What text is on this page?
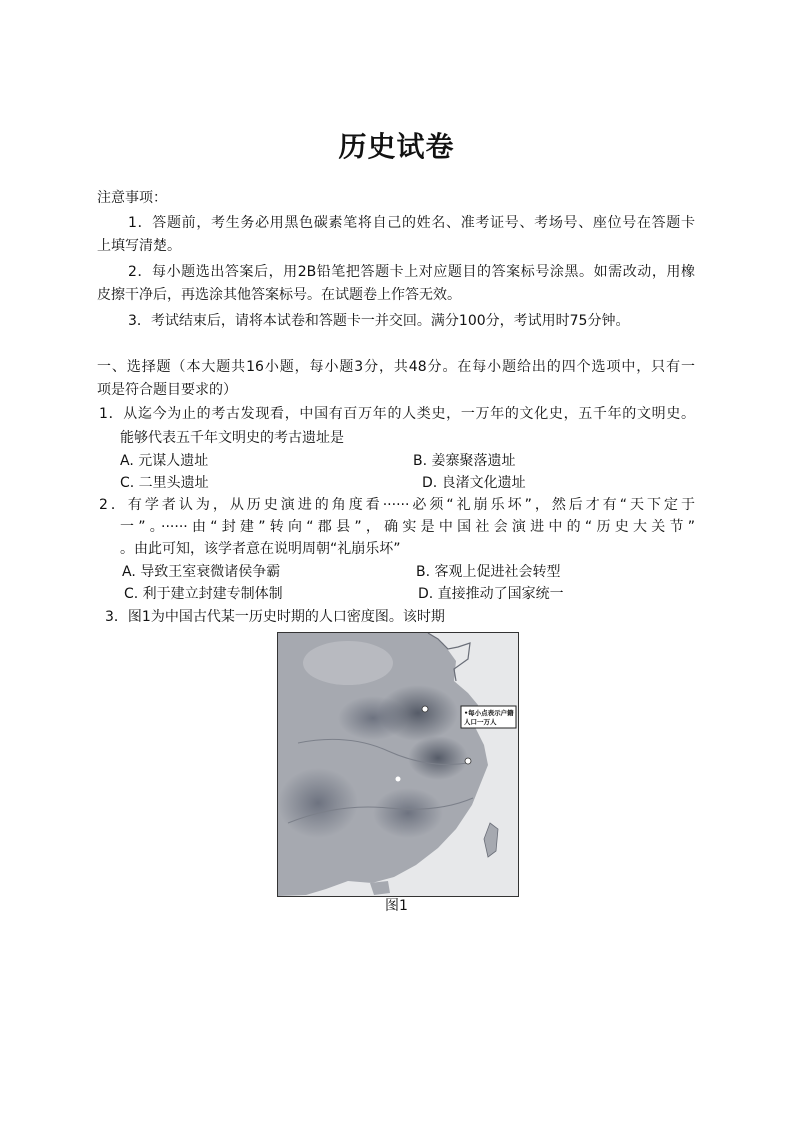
历史试卷
注意事项：
1．答题前，考生务必用黑色碳素笔将自己的姓名、准考证号、考场号、座位号在答题卡
上填写清楚。
2．每小题选出答案后，用2B铅笔把答题卡上对应题目的答案标号涂黑。如需改动，用橡
皮擦干净后，再选涂其他答案标号。在试题卷上作答无效。
3．考试结束后，请将本试卷和答题卡一并交回。满分100分，考试用时75分钟。
一、选择题（本大题共16小题，每小题3分，共48分。在每小题给出的四个选项中，只有一
项是符合题目要求的）
1．从迄今为止的考古发现看，中国有百万年的人类史，一万年的文化史，五千年的文明史。
能够代表五千年文明史的考古遗址是
A. 元谋人遗址	B. 姜寨聚落遗址
C. 二里头遗址	D. 良渚文化遗址
2．有学者认为，从历史演进的角度看······必须“礼崩乐坏”，然后才有“天下定于
一”。······由“封建”转向“郡县”，确实是中国社会演进中的“历史大关节”
。由此可知，该学者意在说明周朝“礼崩乐坏”
A. 导致王室衰微诸侯争霸	B. 客观上促进社会转型
C. 利于建立封建专制体制	D. 直接推动了国家统一
3．图1为中国古代某一历史时期的人口密度图。该时期
•每小点表示户籍
人口一万人
图1
